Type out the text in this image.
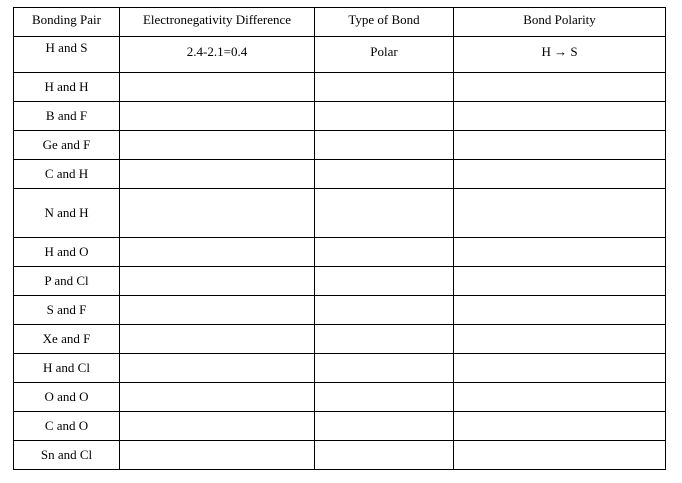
Bonding Pair	Electronegativity Difference	Type of Bond	Bond Polarity
H and S	2.4-2.1=0.4	Polar	H → S
H and H			
B and F			
Ge and F			
C and H			
N and H			
H and O			
P and Cl			
S and F			
Xe and F			
H and Cl			
O and O			
C and O			
Sn and Cl			
